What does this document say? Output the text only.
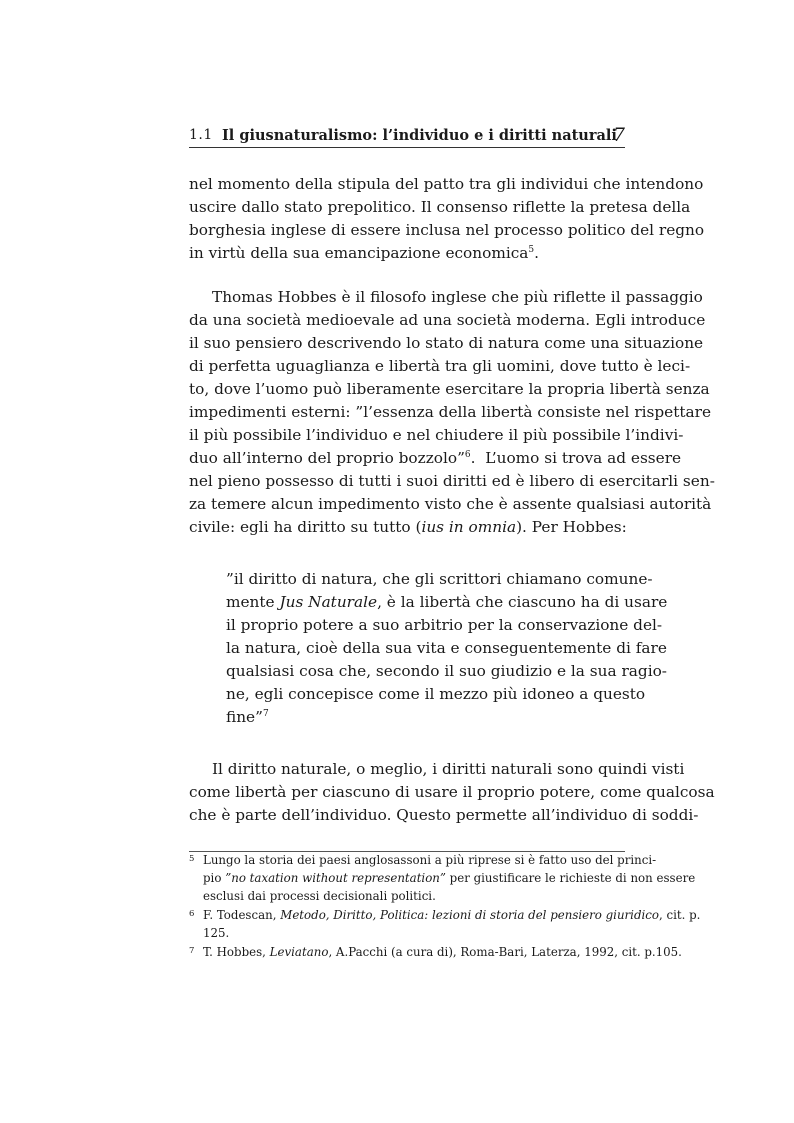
1.1 Il giusnaturalismo: l’individuo e i diritti naturali
7
nel momento della stipula del patto tra gli individui che intendono
uscire dallo stato prepolitico. Il consenso riflette la pretesa della
borghesia inglese di essere inclusa nel processo politico del regno
in virtù della sua emancipazione economica$^5$.
Thomas Hobbes è il filosofo inglese che più riflette il passaggio
da una società medioevale ad una società moderna. Egli introduce
il suo pensiero descrivendo lo stato di natura come una situazione
di perfetta uguaglianza e libertà tra gli uomini, dove tutto è leci-
to, dove l’uomo può liberamente esercitare la propria libertà senza
impedimenti esterni: ”l’essenza della libertà consiste nel rispettare
il più possibile l’individuo e nel chiudere il più possibile l’indivi-
duo all’interno del proprio bozzolo”$^6$.  L’uomo si trova ad essere
nel pieno possesso di tutti i suoi diritti ed è libero di esercitarli sen-
za temere alcun impedimento visto che è assente qualsiasi autorità
civile: egli ha diritto su tutto (ius in omnia). Per Hobbes:
”il diritto di natura, che gli scrittori chiamano comune-
mente Jus Naturale, è la libertà che ciascuno ha di usare
il proprio potere a suo arbitrio per la conservazione del-
la natura, cioè della sua vita e conseguentemente di fare
qualsiasi cosa che, secondo il suo giudizio e la sua ragio-
ne, egli concepisce come il mezzo più idoneo a questo
fine”$^7$
Il diritto naturale, o meglio, i diritti naturali sono quindi visti
come libertà per ciascuno di usare il proprio potere, come qualcosa
che è parte dell’individuo. Questo permette all’individuo di soddi-
5 Lungo la storia dei paesi anglosassoni a più riprese si è fatto uso del princi-
pio ”no taxation without representation” per giustificare le richieste di non essere
esclusi dai processi decisionali politici.
6 F. Todescan, Metodo, Diritto, Politica: lezioni di storia del pensiero giuridico, cit. p.
125.
7 T. Hobbes, Leviatano, A.Pacchi (a cura di), Roma-Bari, Laterza, 1992, cit. p.105.
